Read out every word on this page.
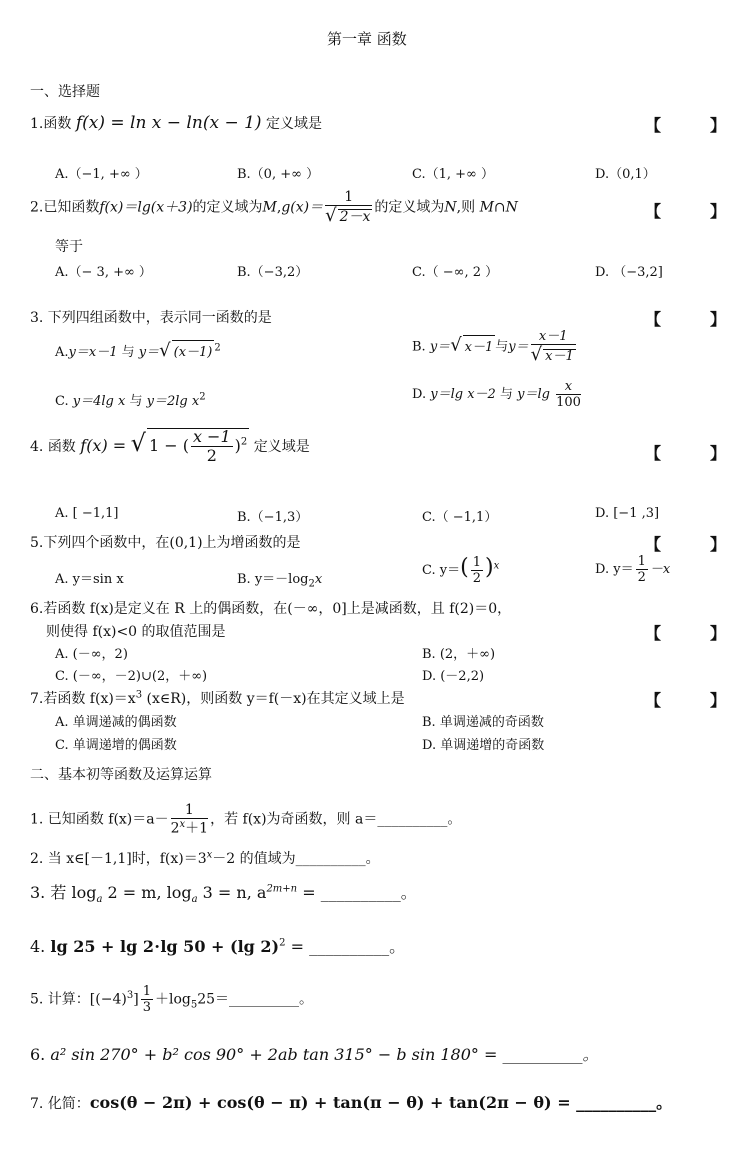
第一章 函数
一、选择题
1.函数 f(x) = ln x − ln(x − 1) 定义域是	【	】
A.（−1, +∞ ）	B.（0, +∞ ）	C.（1, +∞ ）	D.（0,1）
2.已知函数f(x)＝lg(x＋3)的定义域为$M,g(x)= \frac{1}{√ 2-x}$ 的定义域为N,则 M∩N	【	】
等于
A.（− 3, +∞ ）	B.（−3,2）	C.（ −∞, 2 ）	D. （−3,2]
3. 下列四组函数中，表示同一函数的是	【	】
A.y＝x－1 与 y＝√ (x－1) $^2$	B. y＝√ x－1 与$y= \frac{x-1}{√ x-1}$
C. y＝4lg x 与 y＝2lg $x^2$	D. y＝lg x－2 与 $y=\lg \frac{x}{100}$
4. 函数 f(x) = √ 1 − ( $\frac{x -1}{2} )^2$ 定义域是	【	】
A. [ −1,1]	B.（−1,3）	C.（ −1,1）	D. [−1 ,3]
5.下列四个函数中，在(0,1)上为增函数的是	【	】
A. y＝sin x	B. $y=-\log_2x$
C. $y=( \frac{1}{2} )^x$	D. $y= \frac{1}{2} -x$
6.若函数 f(x)是定义在 R 上的偶函数，在(－∞，0]上是减函数，且 f(2)＝0，
则使得 f(x)<0 的取值范围是	【	】
A. (－∞，2)	B. (2，＋∞)
C. (－∞，－2)∪(2，＋∞)	D. (－2,2)
7.若函数 $f(x)=x^3$ (x∈R)，则函数 y＝f(－x)在其定义域上是	【	】
A. 单调递减的偶函数	B. 单调递减的奇函数
C. 单调递增的偶函数	D. 单调递增的奇函数
二、基本初等函数及运算运算
1. 已知函数 $f(x)=a- \frac{1}{2^x+1}$ ，若 f(x)为奇函数，则 a＝__________。
2. 当 x∈[－1,1]时，$f(x)=3^x-2$ 的值域为__________。
3. 若 $\log_a 2 = m$, $\log_a 3 = n$, $a^{2m+n}$ = __________。
4. lg 25 + lg 2⋅lg 50 + (lg 2)$^2$ = __________。
5. 计算：$[(-4)^3] \frac{1}{3}$ $+\log_525=\_\_\_\_\_\_\_\_\_\_$。
6. a² sin 270° + b² cos 90° + 2ab tan 315° − b sin 180° = __________。
7. 化简：cos(θ − 2π) + cos(θ − π) + tan(π − θ) + tan(2π − θ) = __________。
